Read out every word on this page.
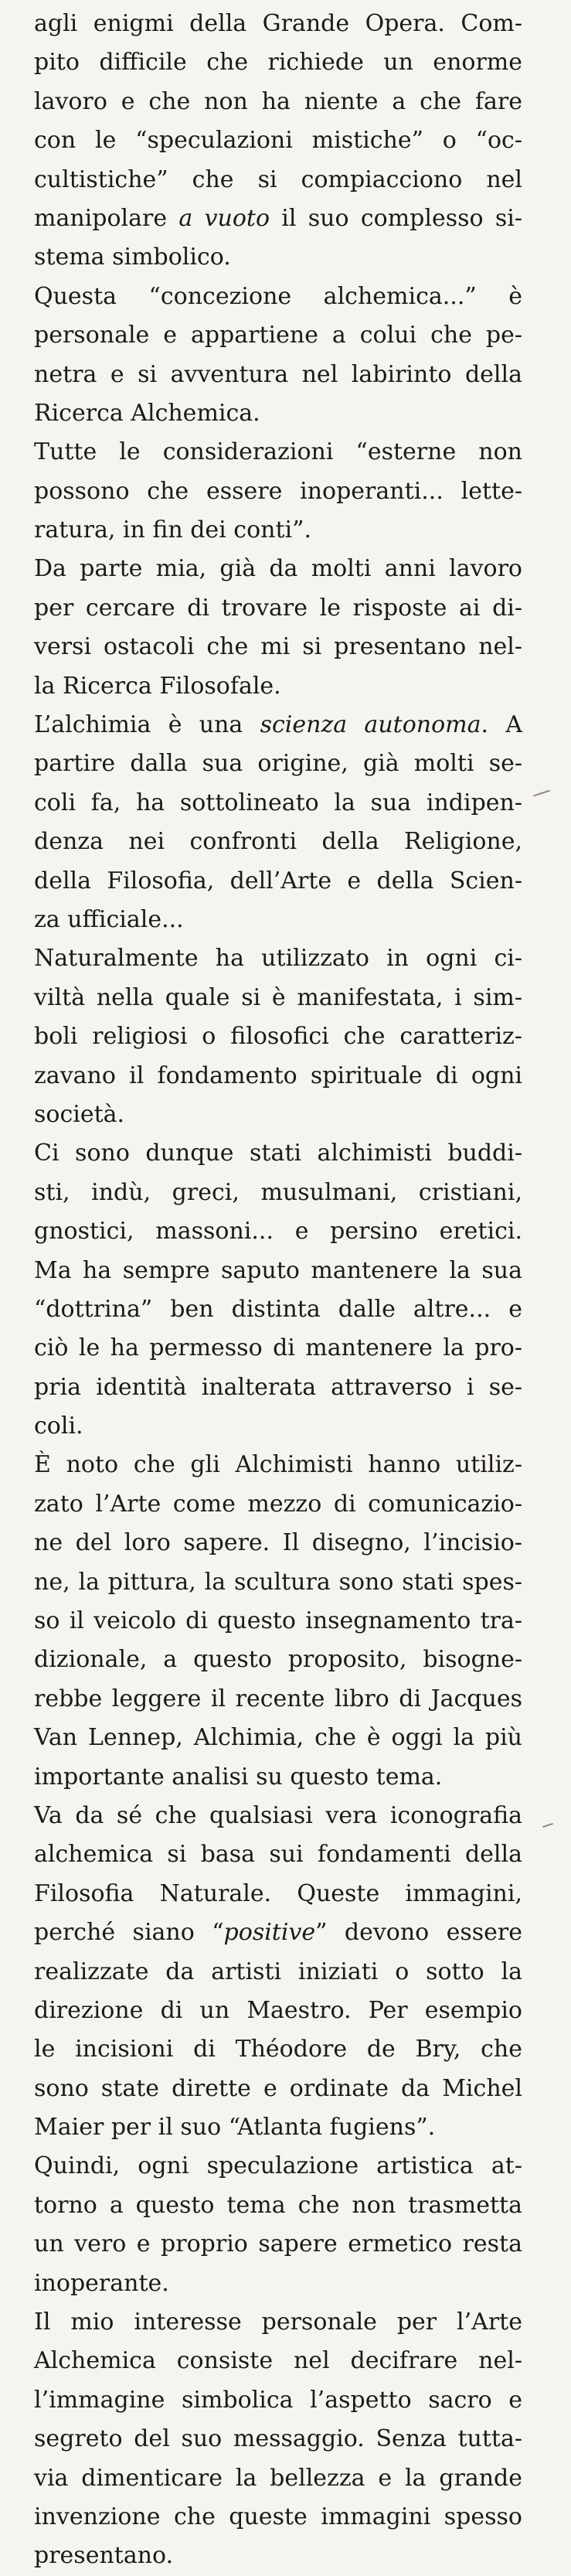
agli enigmi della Grande Opera. Com-
pito difficile che richiede un enorme
lavoro e che non ha niente a che fare
con le “speculazioni mistiche” o “oc-
cultistiche” che si compiacciono nel
manipolare a vuoto il suo complesso si-
stema simbolico.
Questa “concezione alchemica...” è
personale e appartiene a colui che pe-
netra e si avventura nel labirinto della
Ricerca Alchemica.
Tutte le considerazioni “esterne non
possono che essere inoperanti... lette-
ratura, in fin dei conti”.
Da parte mia, già da molti anni lavoro
per cercare di trovare le risposte ai di-
versi ostacoli che mi si presentano nel-
la Ricerca Filosofale.
L’alchimia è una scienza autonoma. A
partire dalla sua origine, già molti se-
coli fa, ha sottolineato la sua indipen-
denza nei confronti della Religione,
della Filosofia, dell’Arte e della Scien-
za ufficiale...
Naturalmente ha utilizzato in ogni ci-
viltà nella quale si è manifestata, i sim-
boli religiosi o filosofici che caratteriz-
zavano il fondamento spirituale di ogni
società.
Ci sono dunque stati alchimisti buddi-
sti, indù, greci, musulmani, cristiani,
gnostici, massoni... e persino eretici.
Ma ha sempre saputo mantenere la sua
“dottrina” ben distinta dalle altre... e
ciò le ha permesso di mantenere la pro-
pria identità inalterata attraverso i se-
coli.
È noto che gli Alchimisti hanno utiliz-
zato l’Arte come mezzo di comunicazio-
ne del loro sapere. Il disegno, l’incisio-
ne, la pittura, la scultura sono stati spes-
so il veicolo di questo insegnamento tra-
dizionale, a questo proposito, bisogne-
rebbe leggere il recente libro di Jacques
Van Lennep, Alchimia, che è oggi la più
importante analisi su questo tema.
Va da sé che qualsiasi vera iconografia
alchemica si basa sui fondamenti della
Filosofia Naturale. Queste immagini,
perché siano “positive” devono essere
realizzate da artisti iniziati o sotto la
direzione di un Maestro. Per esempio
le incisioni di Théodore de Bry, che
sono state dirette e ordinate da Michel
Maier per il suo “Atlanta fugiens”.
Quindi, ogni speculazione artistica at-
torno a questo tema che non trasmetta
un vero e proprio sapere ermetico resta
inoperante.
Il mio interesse personale per l’Arte
Alchemica consiste nel decifrare nel-
l’immagine simbolica l’aspetto sacro e
segreto del suo messaggio. Senza tutta-
via dimenticare la bellezza e la grande
invenzione che queste immagini spesso
presentano.
